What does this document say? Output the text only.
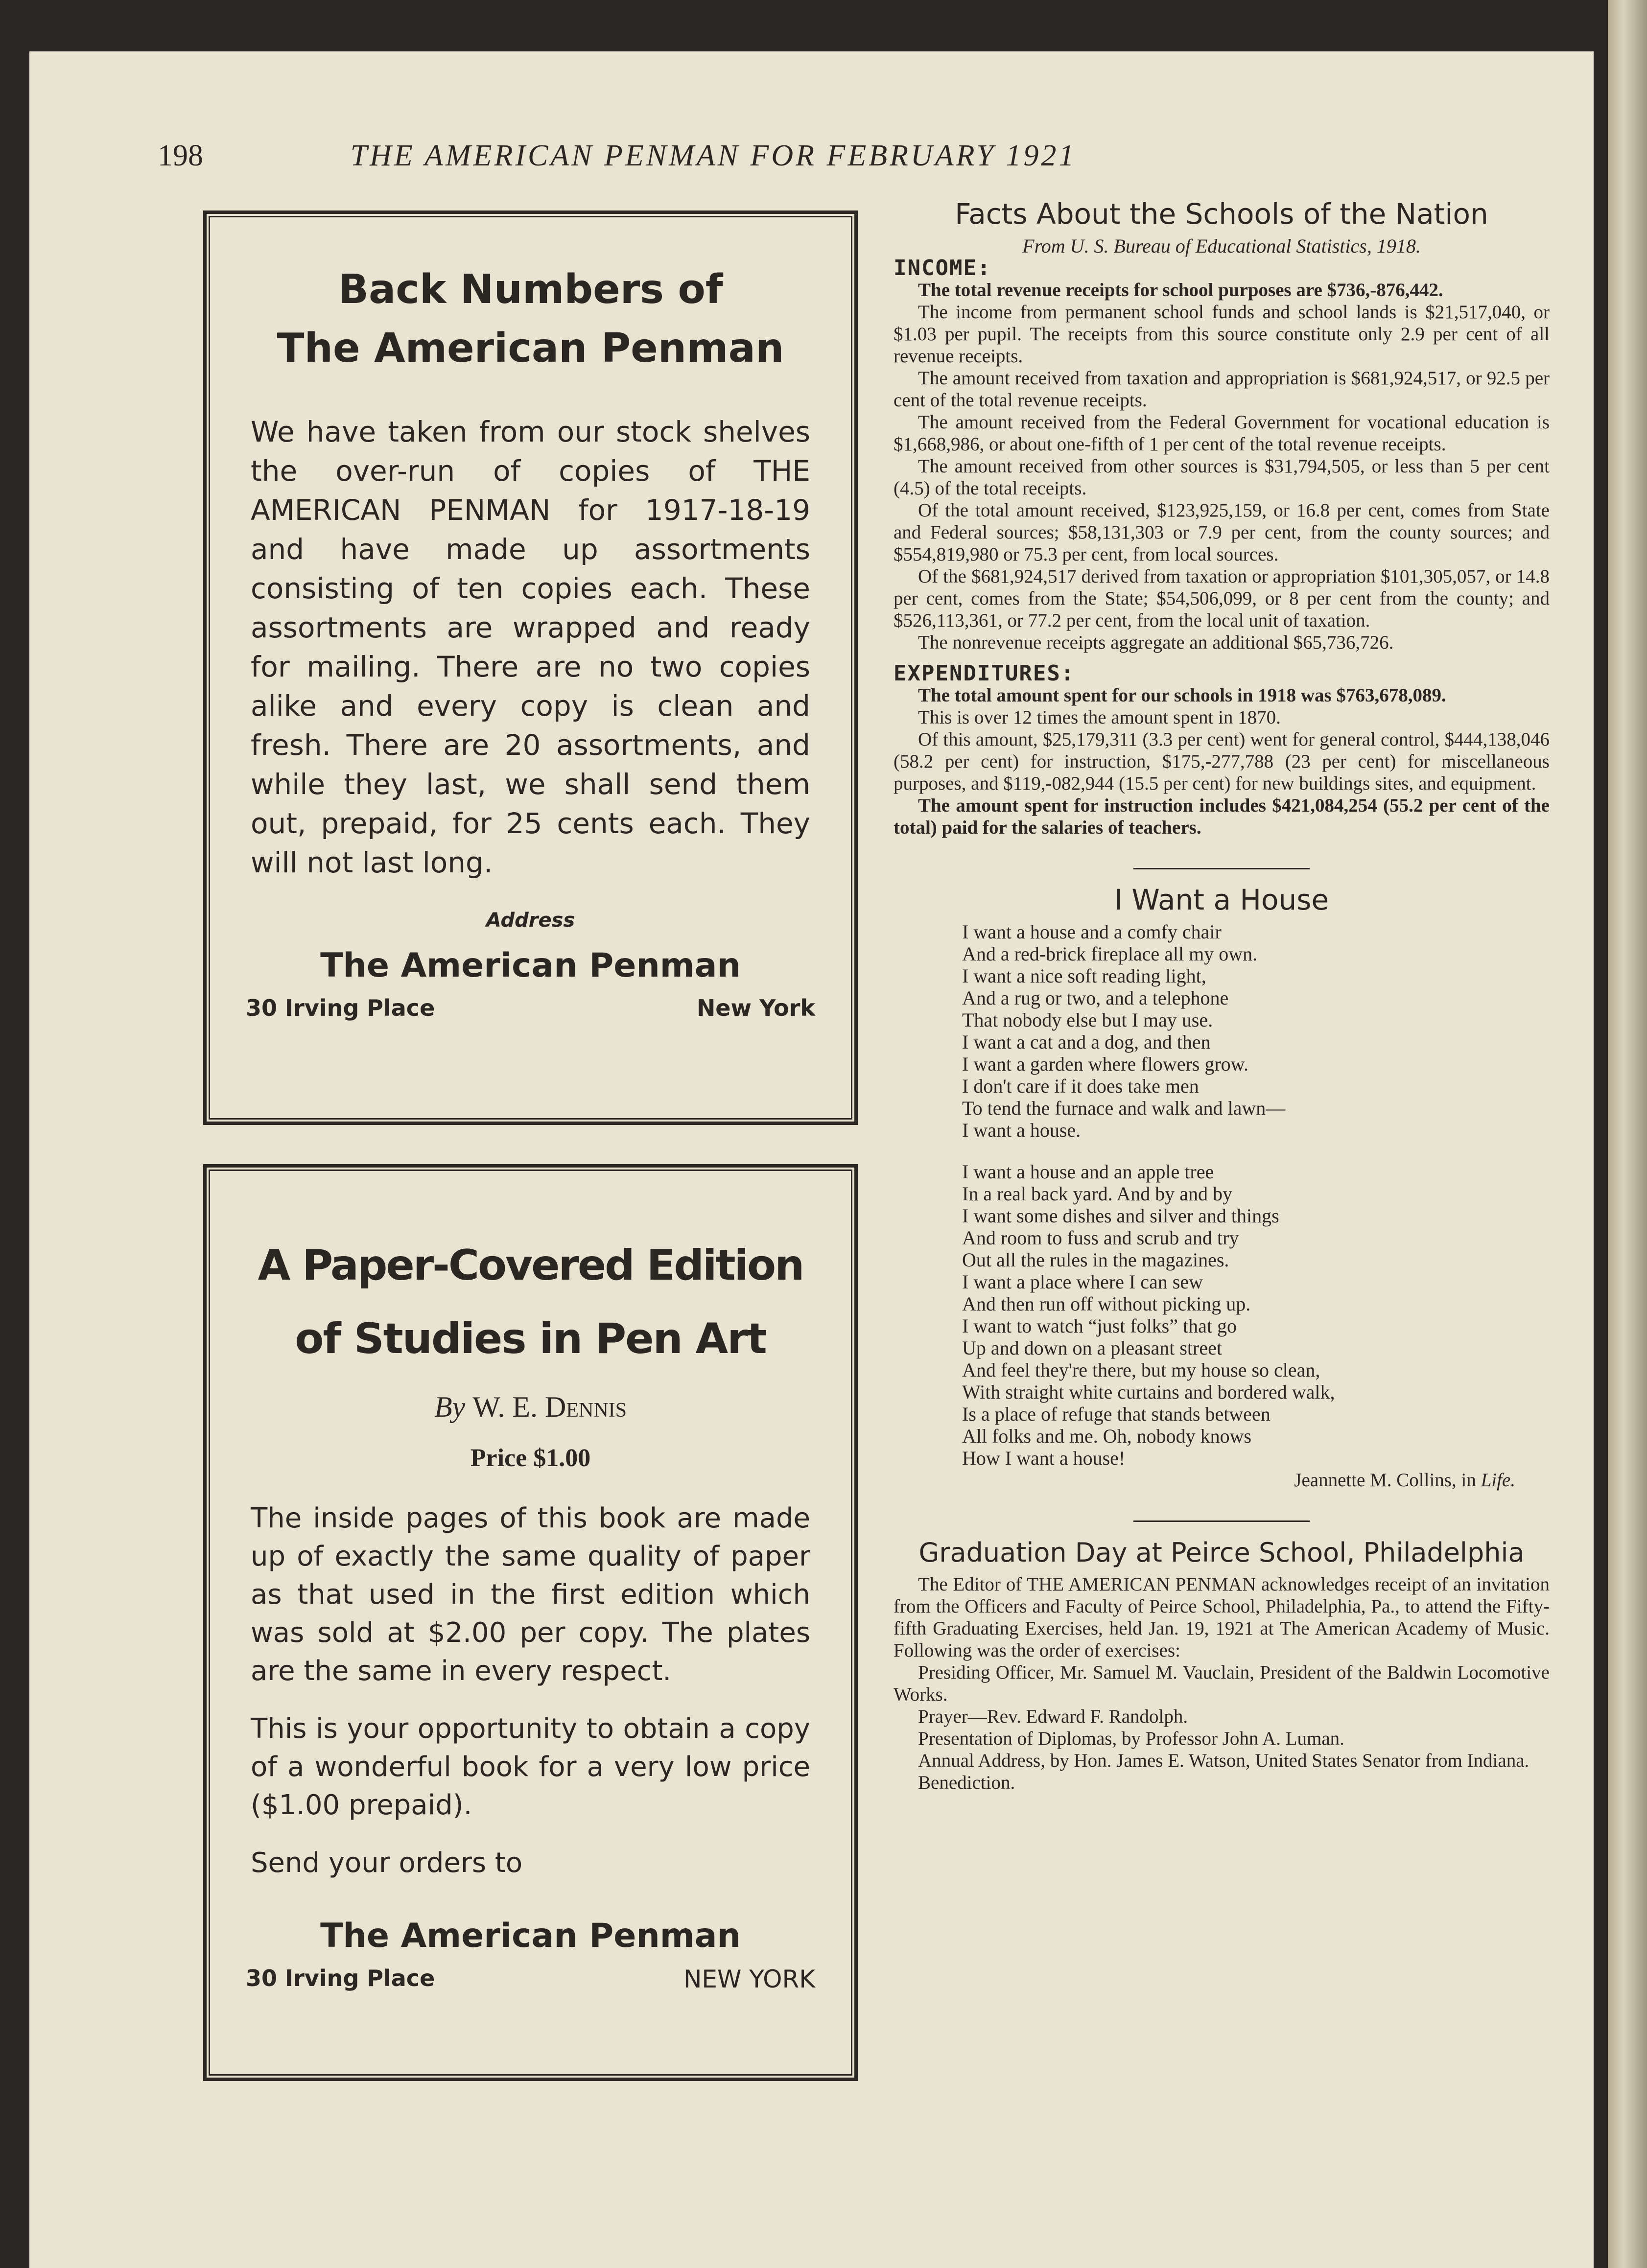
198	THE AMERICAN PENMAN FOR FEBRUARY 1921
Back Numbers of
The American Penman
We have taken from our stock shelves the over-run of copies of THE AMERICAN PENMAN for 1917-18-19 and have made up assortments consisting of ten copies each. These assortments are wrapped and ready for mailing. There are no two copies alike and every copy is clean and fresh. There are 20 assortments, and while they last, we shall send them out, prepaid, for 25 cents each. They will not last long.
Address
The American Penman
30 Irving Place	New York
A Paper-Covered Edition
of Studies in Pen Art
By W. E. Dennis
Price $1.00
The inside pages of this book are made up of exactly the same quality of paper as that used in the first edition which was sold at $2.00 per copy. The plates are the same in every respect.
This is your opportunity to obtain a copy of a wonderful book for a very low price ($1.00 prepaid).
Send your orders to
The American Penman
30 Irving Place	NEW YORK
Facts About the Schools of the Nation
From U. S. Bureau of Educational Statistics, 1918.
INCOME:

The total revenue receipts for school purposes are $736,-876,442.

The income from permanent school funds and school lands is $21,517,040, or $1.03 per pupil. The receipts from this source constitute only 2.9 per cent of all revenue receipts.

The amount received from taxation and appropriation is $681,924,517, or 92.5 per cent of the total revenue receipts.

The amount received from the Federal Government for vocational education is $1,668,986, or about one-fifth of 1 per cent of the total revenue receipts.

The amount received from other sources is $31,794,505, or less than 5 per cent (4.5) of the total receipts.

Of the total amount received, $123,925,159, or 16.8 per cent, comes from State and Federal sources; $58,131,303 or 7.9 per cent, from the county sources; and $554,819,980 or 75.3 per cent, from local sources.

Of the $681,924,517 derived from taxation or appropriation $101,305,057, or 14.8 per cent, comes from the State; $54,506,099, or 8 per cent from the county; and $526,113,361, or 77.2 per cent, from the local unit of taxation.

The nonrevenue receipts aggregate an additional $65,736,726.

EXPENDITURES:

The total amount spent for our schools in 1918 was $763,678,089.

This is over 12 times the amount spent in 1870.

Of this amount, $25,179,311 (3.3 per cent) went for general control, $444,138,046 (58.2 per cent) for instruction, $175,-277,788 (23 per cent) for miscellaneous purposes, and $119,-082,944 (15.5 per cent) for new buildings sites, and equipment.

The amount spent for instruction includes $421,084,254 (55.2 per cent of the total) paid for the salaries of teachers.

I Want a House

I want a house and a comfy chair

And a red-brick fireplace all my own.

I want a nice soft reading light,

And a rug or two, and a telephone

That nobody else but I may use.

I want a cat and a dog, and then

I want a garden where flowers grow.

I don't care if it does take men

To tend the furnace and walk and lawn—

I want a house.

I want a house and an apple tree

In a real back yard. And by and by

I want some dishes and silver and things

And room to fuss and scrub and try

Out all the rules in the magazines.

I want a place where I can sew

And then run off without picking up.

I want to watch “just folks” that go

Up and down on a pleasant street

And feel they're there, but my house so clean,

With straight white curtains and bordered walk,

Is a place of refuge that stands between

All folks and me. Oh, nobody knows

How I want a house!

Jeannette M. Collins, in Life.
Graduation Day at Peirce School, Philadelphia

The Editor of THE AMERICAN PENMAN acknowledges receipt of an invitation from the Officers and Faculty of Peirce School, Philadelphia, Pa., to attend the Fifty-fifth Graduating Exercises, held Jan. 19, 1921 at The American Academy of Music. Following was the order of exercises:

Presiding Officer, Mr. Samuel M. Vauclain, President of the Baldwin Locomotive Works.

Prayer—Rev. Edward F. Randolph.

Presentation of Diplomas, by Professor John A. Luman.

Annual Address, by Hon. James E. Watson, United States Senator from Indiana.

Benediction.
